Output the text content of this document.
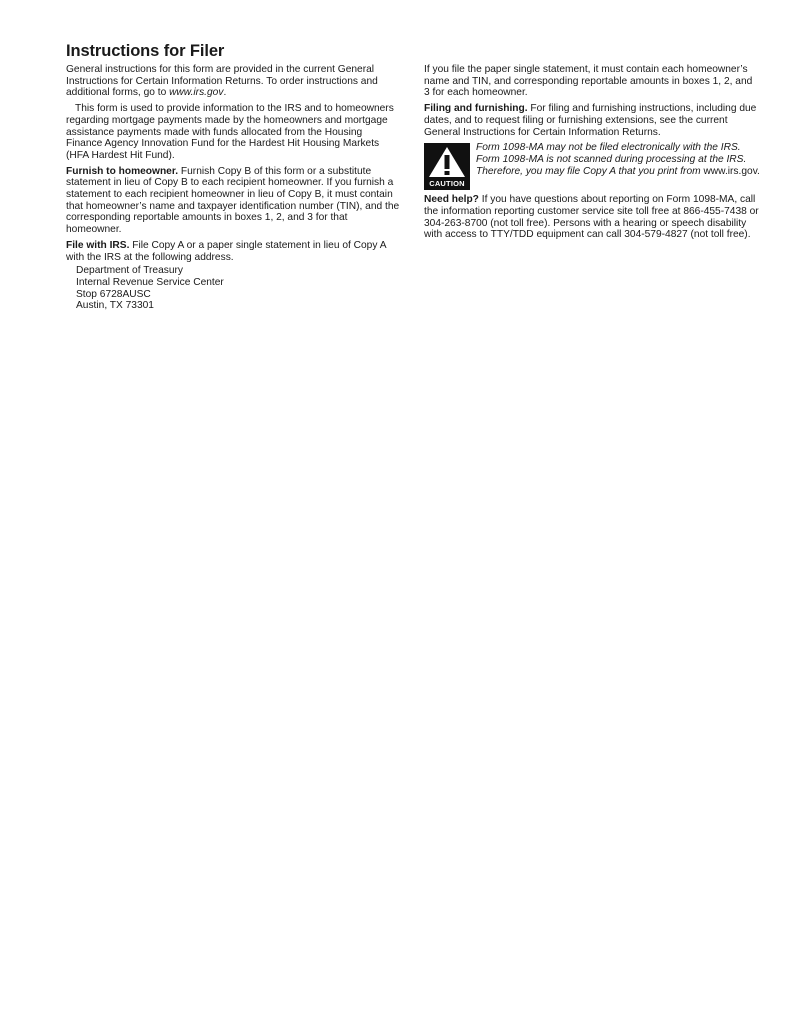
Instructions for Filer

General instructions for this form are provided in the current General Instructions for Certain Information Returns. To order instructions and additional forms, go to www.irs.gov.

This form is used to provide information to the IRS and to homeowners regarding mortgage payments made by the homeowners and mortgage assistance payments made with funds allocated from the Housing Finance Agency Innovation Fund for the Hardest Hit Housing Markets (HFA Hardest Hit Fund).

Furnish to homeowner. Furnish Copy B of this form or a substitute statement in lieu of Copy B to each recipient homeowner. If you furnish a statement to each recipient homeowner in lieu of Copy B, it must contain that homeowner’s name and taxpayer identification number (TIN), and the corresponding reportable amounts in boxes 1, 2, and 3 for that homeowner.

File with IRS. File Copy A or a paper single statement in lieu of Copy A with the IRS at the following address.

Department of Treasury
Internal Revenue Service Center
Stop 6728AUSC
Austin, TX 73301

If you file the paper single statement, it must contain each homeowner’s name and TIN, and corresponding reportable amounts in boxes 1, 2, and 3 for each homeowner.

Filing and furnishing. For filing and furnishing instructions, including due dates, and to request filing or furnishing extensions, see the current General Instructions for Certain Information Returns.

CAUTION
Form 1098-MA may not be filed electronically with the IRS. Form 1098-MA is not scanned during processing at the IRS. Therefore, you may file Copy A that you print from www.irs.gov.

Need help? If you have questions about reporting on Form 1098-MA, call the information reporting customer service site toll free at 866-455-7438 or 304-263-8700 (not toll free). Persons with a hearing or speech disability with access to TTY/TDD equipment can call 304-579-4827 (not toll free).
